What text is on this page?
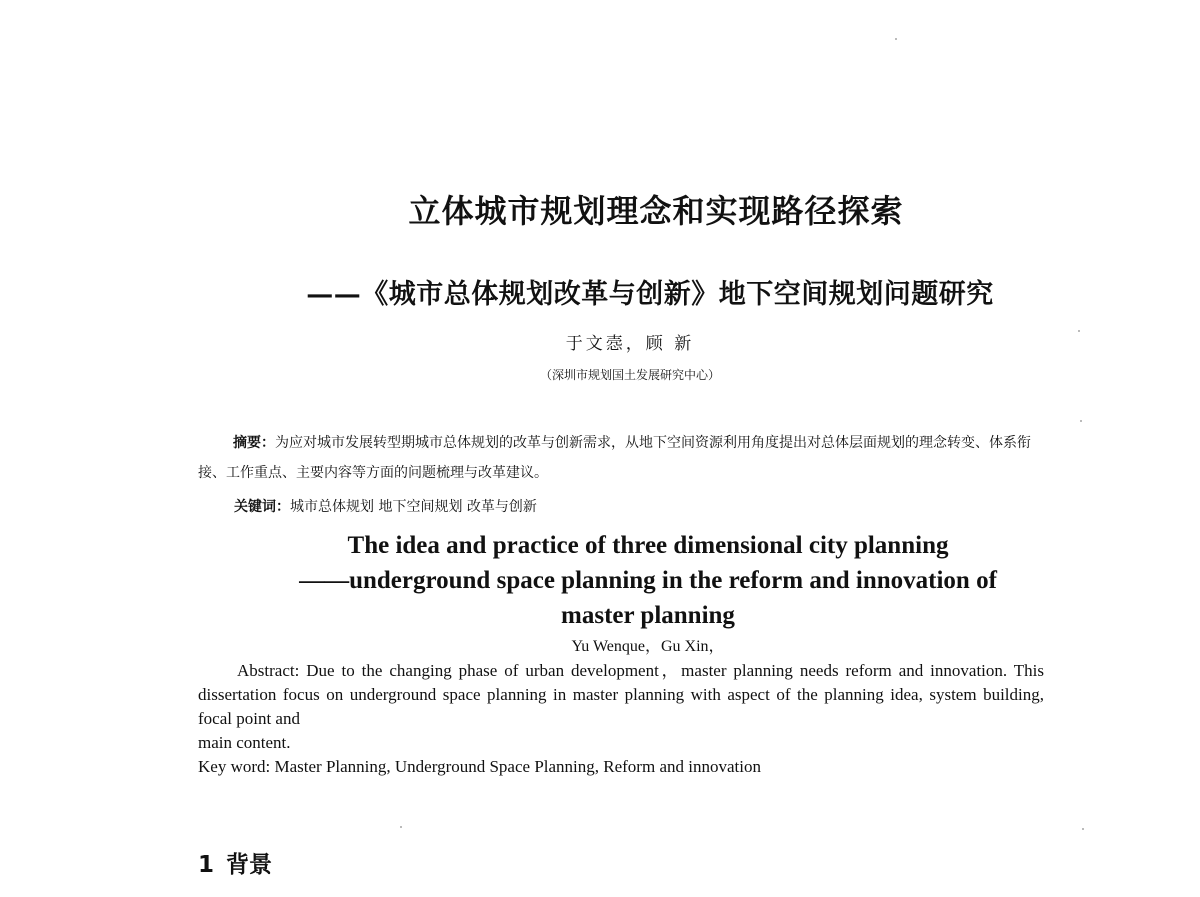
立体城市规划理念和实现路径探索
——《城市总体规划改革与创新》地下空间规划问题研究
于文悫，顾 新
（深圳市规划国土发展研究中心）

摘要：为应对城市发展转型期城市总体规划的改革与创新需求，从地下空间资源利用角度提出对总体层面规划的理念转变、体系衔接、工作重点、主要内容等方面的问题梳理与改革建议。

关键词：城市总体规划 地下空间规划 改革与创新
The idea and practice of three dimensional city planning
——underground space planning in the reform and innovation of
master planning
Yu Wenque，Gu Xin，

Abstract: Due to the changing phase of urban development，master planning needs reform and innovation. This dissertation focus on underground space planning in master planning with aspect of the planning idea, system building, focal point and

main content.

Key word: Master Planning, Underground Space Planning, Reform and innovation

1 背景
